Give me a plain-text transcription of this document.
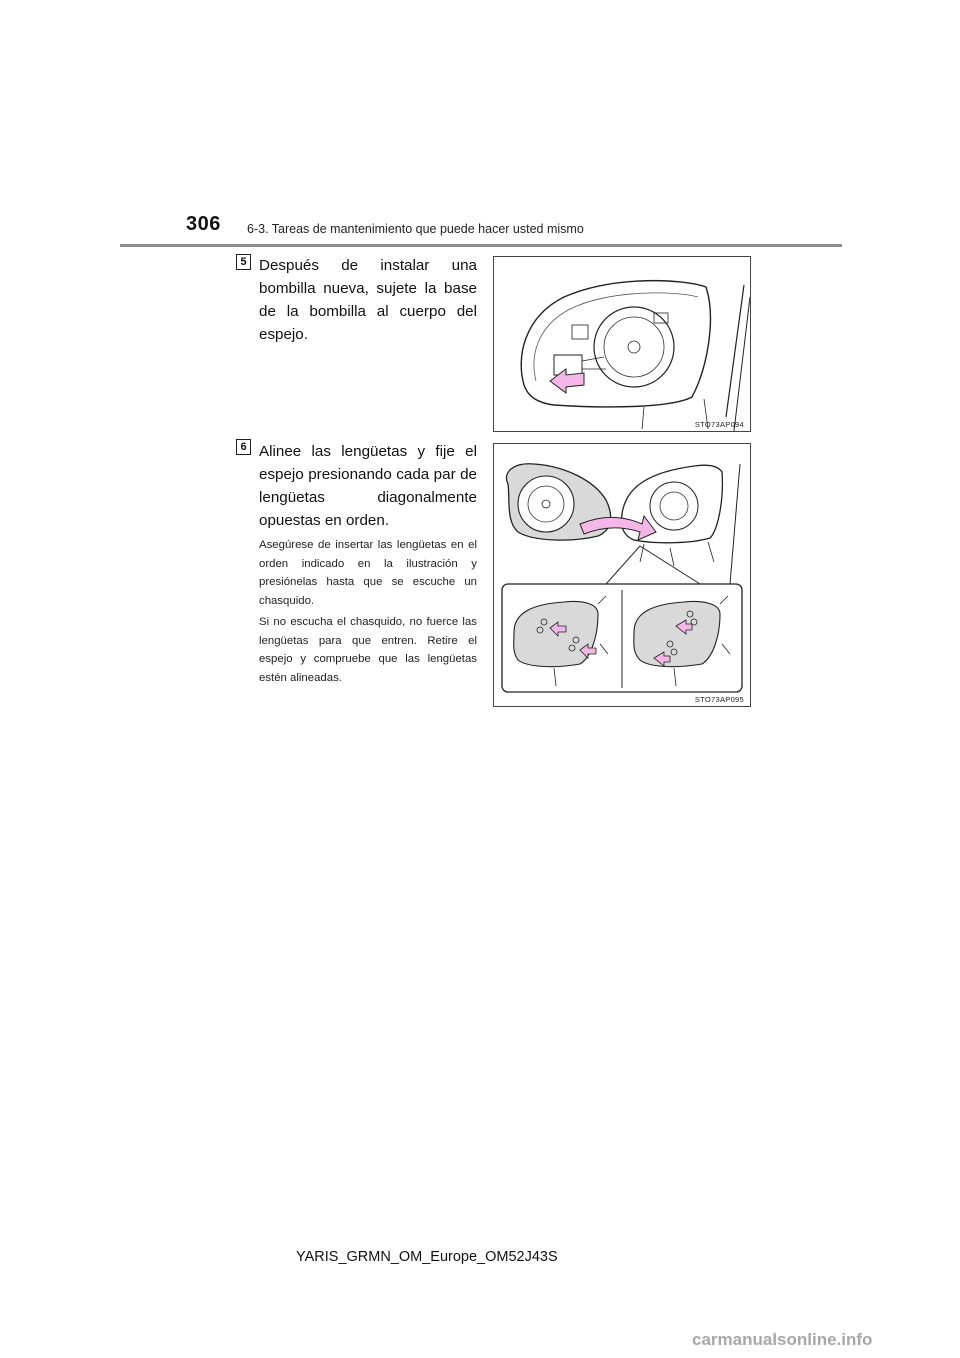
306 6-3. Tareas de mantenimiento que puede hacer usted mismo
5 Después de instalar una bombilla nueva, sujete la base de la bombilla al cuerpo del espejo.
STO73AP094
6 Alinee las lengüetas y fije el espejo presionando cada par de lengüetas diagonalmente opuestas en orden.
Asegúrese de insertar las lengüetas en el orden indicado en la ilustración y presiónelas hasta que se escuche un chasquido.
Si no escucha el chasquido, no fuerce las lengüetas para que entren. Retire el espejo y compruebe que las lengüetas estén alineadas.
STO73AP095
YARIS_GRMN_OM_Europe_OM52J43S
carmanualsonline.info
